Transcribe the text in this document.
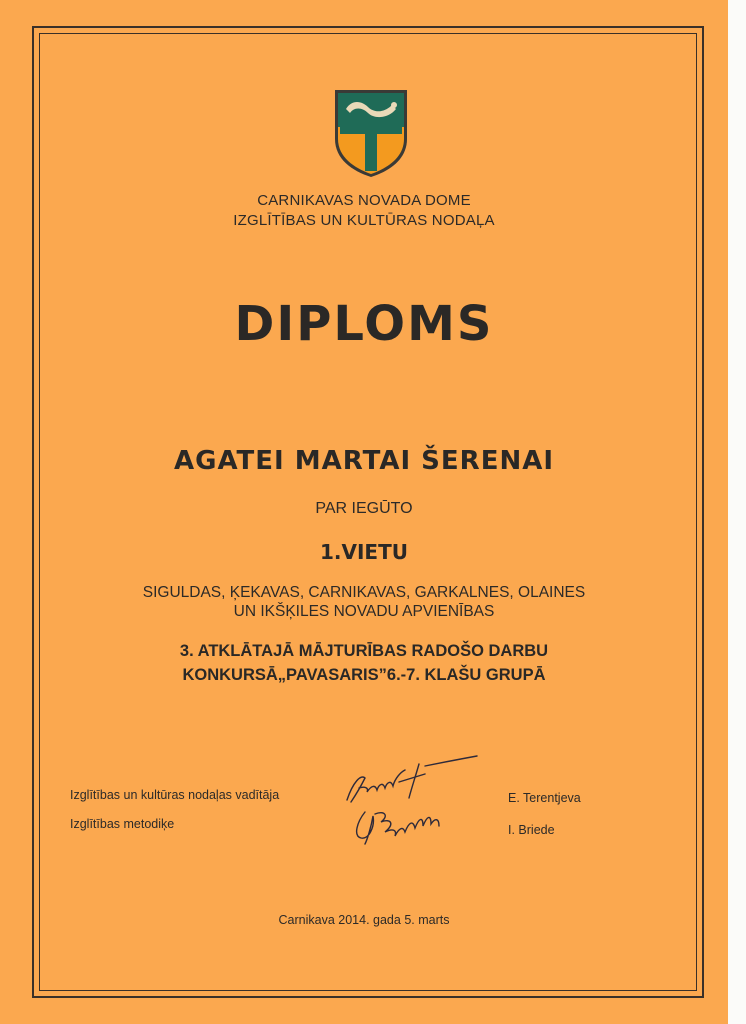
CARNIKAVAS NOVADA DOME

IZGLĪTĪBAS UN KULTŪRAS NODAĻA

DIPLOMS

AGATEI MARTAI ŠERENAI

PAR IEGŪTO

1.VIETU

SIGULDAS, ĶEKAVAS, CARNIKAVAS, GARKALNES, OLAINES

UN IKŠĶILES NOVADU APVIENĪBAS

3. ATKLĀTAJĀ MĀJTURĪBAS RADOŠO DARBU

KONKURSĀ„PAVASARIS”6.-7. KLAŠU GRUPĀ

Izglītības un kultūras nodaļas vadītāja	E. Terentjeva
Izglītības metodiķe	I. Briede

Carnikava 2014. gada 5. marts
